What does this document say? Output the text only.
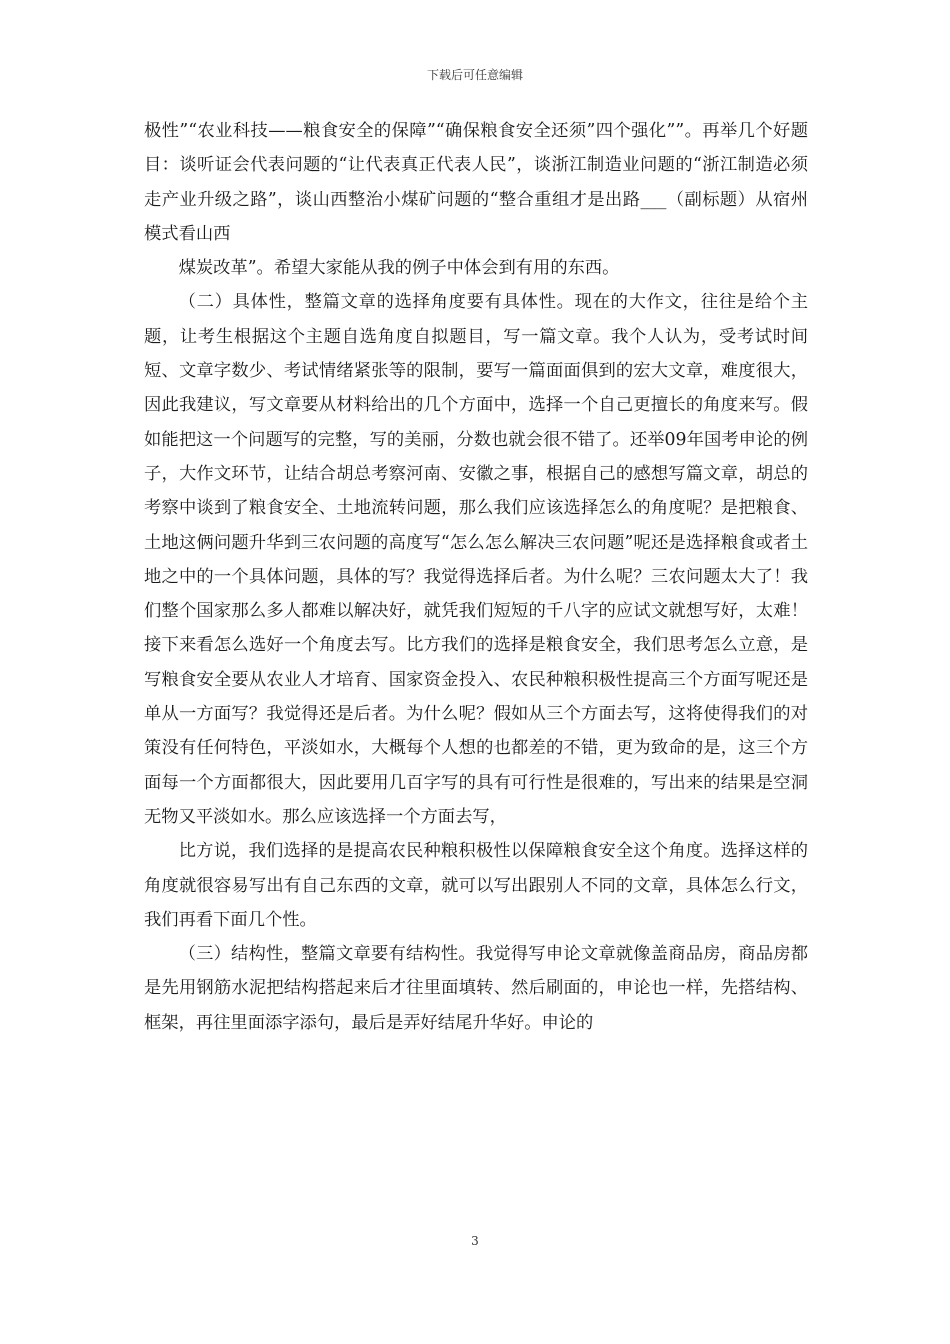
下载后可任意编辑

极性”“农业科技——粮食安全的保障”“确保粮食安全还须”四个强化””。再举几个好题目：谈听证会代表问题的“让代表真正代表人民”，谈浙江制造业问题的“浙江制造必须走产业升级之路”，谈山西整治小煤矿问题的“整合重组才是出路___（副标题）从宿州模式看山西

煤炭改革”。希望大家能从我的例子中体会到有用的东西。

（二）具体性，整篇文章的选择角度要有具体性。现在的大作文，往往是给个主题，让考生根据这个主题自选角度自拟题目，写一篇文章。我个人认为，受考试时间短、文章字数少、考试情绪紧张等的限制，要写一篇面面俱到的宏大文章，难度很大，因此我建议，写文章要从材料给出的几个方面中，选择一个自己更擅长的角度来写。假如能把这一个问题写的完整，写的美丽，分数也就会很不错了。还举09年国考申论的例子，大作文环节，让结合胡总考察河南、安徽之事，根据自己的感想写篇文章，胡总的考察中谈到了粮食安全、土地流转问题，那么我们应该选择怎么的角度呢？是把粮食、土地这俩问题升华到三农问题的高度写“怎么怎么解决三农问题”呢还是选择粮食或者土地之中的一个具体问题，具体的写？我觉得选择后者。为什么呢？三农问题太大了！我们整个国家那么多人都难以解决好，就凭我们短短的千八字的应试文就想写好，太难！接下来看怎么选好一个角度去写。比方我们的选择是粮食安全，我们思考怎么立意，是写粮食安全要从农业人才培育、国家资金投入、农民种粮积极性提高三个方面写呢还是单从一方面写？我觉得还是后者。为什么呢？假如从三个方面去写，这将使得我们的对策没有任何特色，平淡如水，大概每个人想的也都差的不错，更为致命的是，这三个方面每一个方面都很大，因此要用几百字写的具有可行性是很难的，写出来的结果是空洞无物又平淡如水。那么应该选择一个方面去写，

比方说，我们选择的是提高农民种粮积极性以保障粮食安全这个角度。选择这样的角度就很容易写出有自己东西的文章，就可以写出跟别人不同的文章，具体怎么行文，我们再看下面几个性。

（三）结构性，整篇文章要有结构性。我觉得写申论文章就像盖商品房，商品房都是先用钢筋水泥把结构搭起来后才往里面填转、然后刷面的，申论也一样，先搭结构、框架，再往里面添字添句，最后是弄好结尾升华好。申论的

3
